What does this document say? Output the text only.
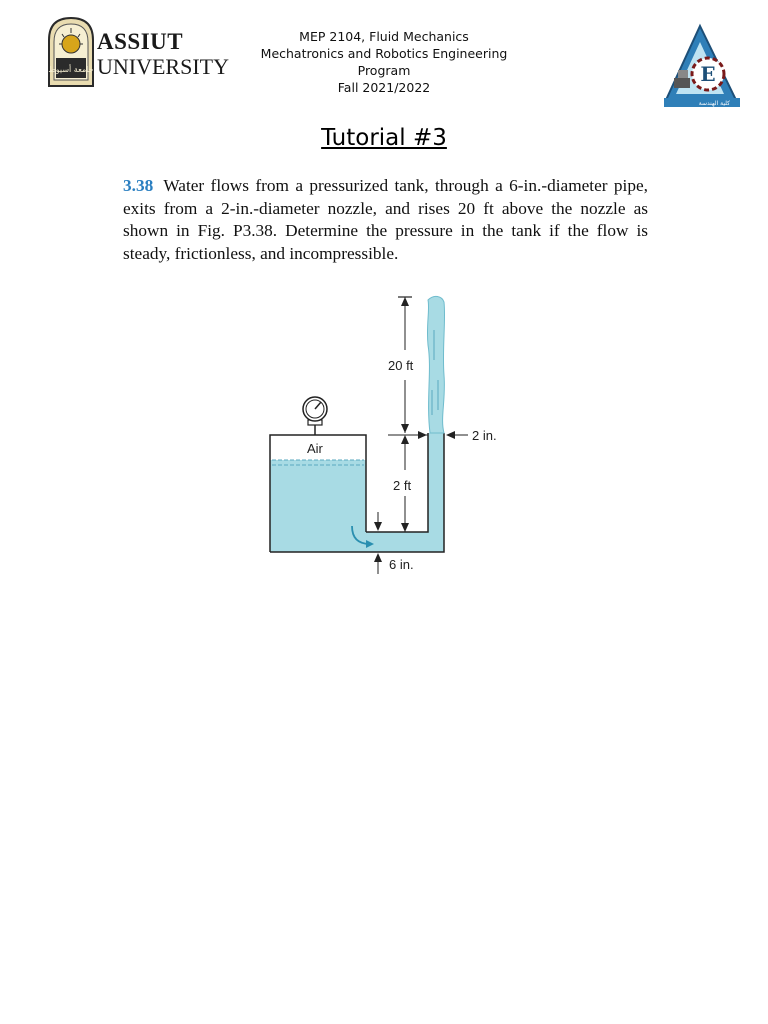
جامعة أسيوط
ASSIUT
UNIVERSITY
MEP 2104, Fluid Mechanics
Mechatronics and Robotics Engineering Program
Fall 2021/2022
E
كلية الهندسة
Tutorial #3
3.38 Water flows from a pressurized tank, through a 6-in.-diameter pipe, exits from a 2-in.-diameter nozzle, and rises 20 ft above the nozzle as shown in Fig. P3.38. Determine the pressure in the tank if the flow is steady, frictionless, and incompressible.
Air
20 ft
2 in.
2 ft
6 in.
